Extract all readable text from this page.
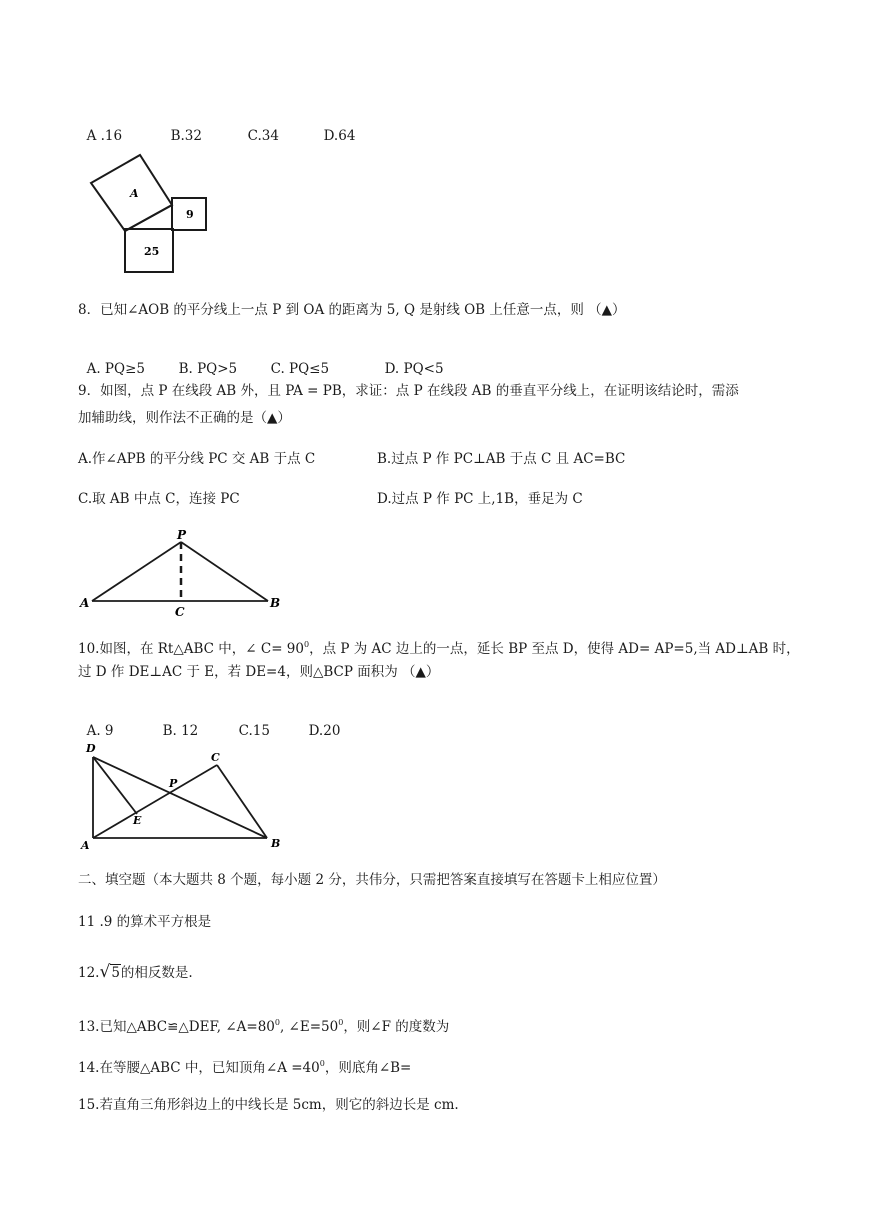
A .16	B.32	C.34	D.64

A
9
25
8．已知∠AOB 的平分线上一点 P 到 OA 的距离为 5, Q 是射线 OB 上任意一点，则 （▲）

A. PQ≥5 B. PQ>5 C. PQ≤5	D. PQ<5

9．如图，点 P 在线段 AB 外，且 PA = PB，求证：点 P 在线段 AB 的垂直平分线上，在证明该结论时，需添
加辅助线，则作法不正确的是（▲）
A.作∠APB 的平分线 PC 交 AB 于点 C	B.过点 P 作 PC⊥AB 于点 C 且 AC=BC
C.取 AB 中点 C，连接 PC	D.过点 P 作 PC 上,1B，垂足为 C
P
A	B
C
10.如图，在 Rt△ABC 中，∠ $C= 90^0$，点 P 为 AC 边上的一点，延长 BP 至点 D，使得 AD= AP=5,当 AD⊥AB 时，
过 D 作 DE⊥AC 于 E，若 DE=4，则△BCP 面积为 （▲）

A. 9	B. 12	C.15	D.20

D
C
P
E
A	B
二、填空题（本大题共 8 个题，每小题 2 分，共伟分，只需把答案直接填写在答题卡上相应位置）
11 .9 的算术平方根是
12.√5的相反数是.
13.已知△ABC≌△DEF, $\angle A=80^0$, $\angle E=50^0$，则∠F 的度数为
14.在等腰△ABC 中，已知顶角∠A $=40^0$，则底角∠B=
15.若直角三角形斜边上的中线长是 5cm，则它的斜边长是 cm.
